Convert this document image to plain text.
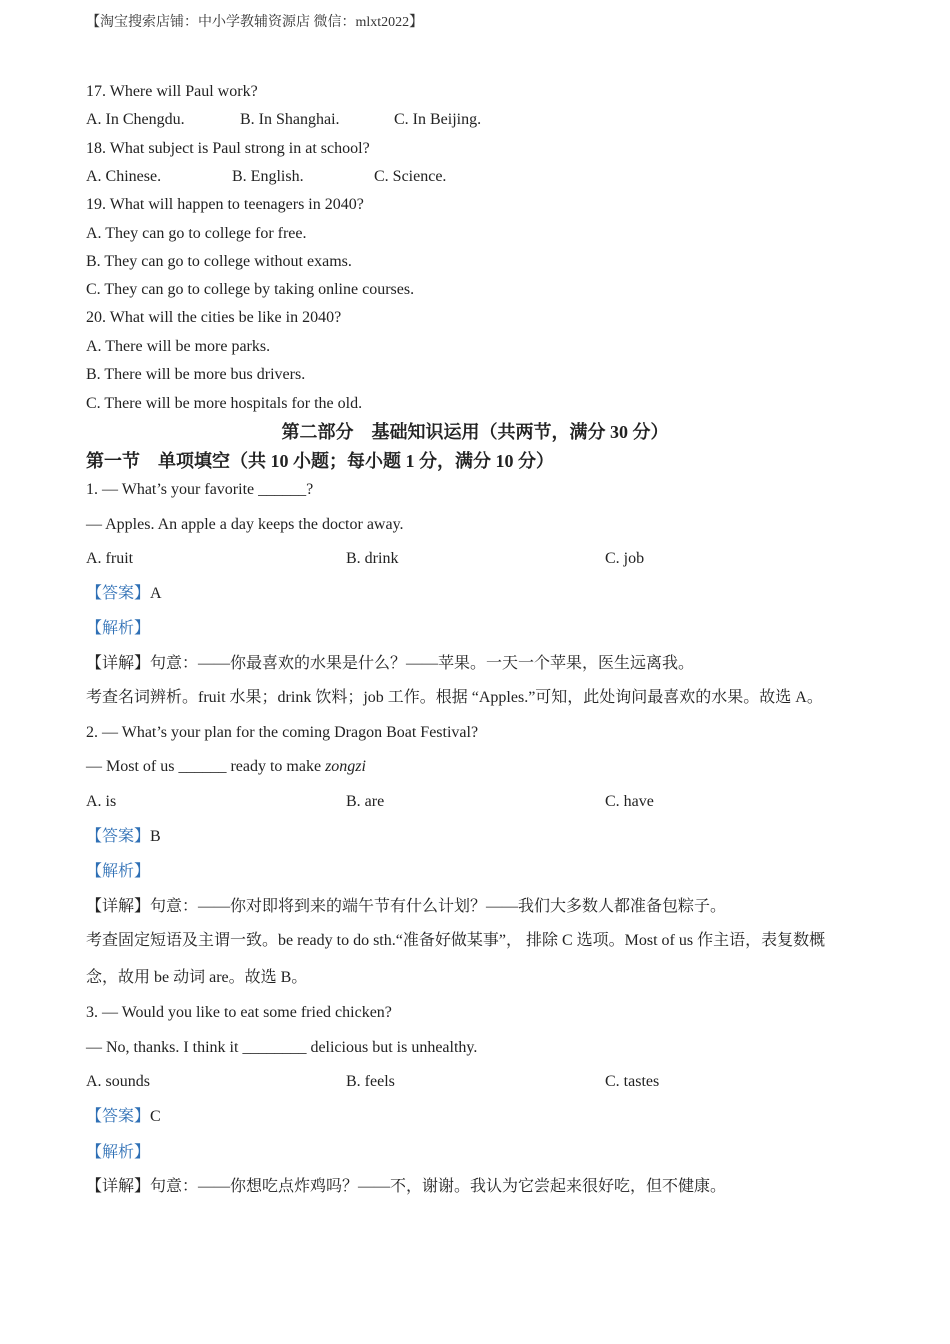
【淘宝搜索店铺：中小学教辅资源店 微信：mlxt2022】
17. Where will Paul work?
A. In Chengdu.	B. In Shanghai.	C. In Beijing.
18. What subject is Paul strong in at school?
A. Chinese.	B. English.	C. Science.
19. What will happen to teenagers in 2040?
A. They can go to college for free.
B. They can go to college without exams.
C. They can go to college by taking online courses.
20. What will the cities be like in 2040?
A. There will be more parks.
B. There will be more bus drivers.
C. There will be more hospitals for the old.
第二部分　基础知识运用（共两节，满分 30 分）
第一节　单项填空（共 10 小题；每小题 1 分，满分 10 分）
1. — What’s your favorite ______?
— Apples. An apple a day keeps the doctor away.
A. fruit	B. drink	C. job
【答案】A
【解析】
【详解】句意：——你最喜欢的水果是什么？——苹果。一天一个苹果，医生远离我。
考查名词辨析。fruit 水果；drink 饮料；job 工作。根据 “Apples.”可知，此处询问最喜欢的水果。故选 A。
2. — What’s your plan for the coming Dragon Boat Festival?
— Most of us ______ ready to make zongzi
A. is	B. are	C. have
【答案】B
【解析】
【详解】句意：——你对即将到来的端午节有什么计划？——我们大多数人都准备包粽子。
考查固定短语及主谓一致。be ready to do sth.“准备好做某事”， 排除 C 选项。Most of us 作主语，表复数概
念，故用 be 动词 are。故选 B。
3. — Would you like to eat some fried chicken?
— No, thanks. I think it ________ delicious but is unhealthy.
A. sounds	B. feels	C. tastes
【答案】C
【解析】
【详解】句意：——你想吃点炸鸡吗？——不，谢谢。我认为它尝起来很好吃，但不健康。
